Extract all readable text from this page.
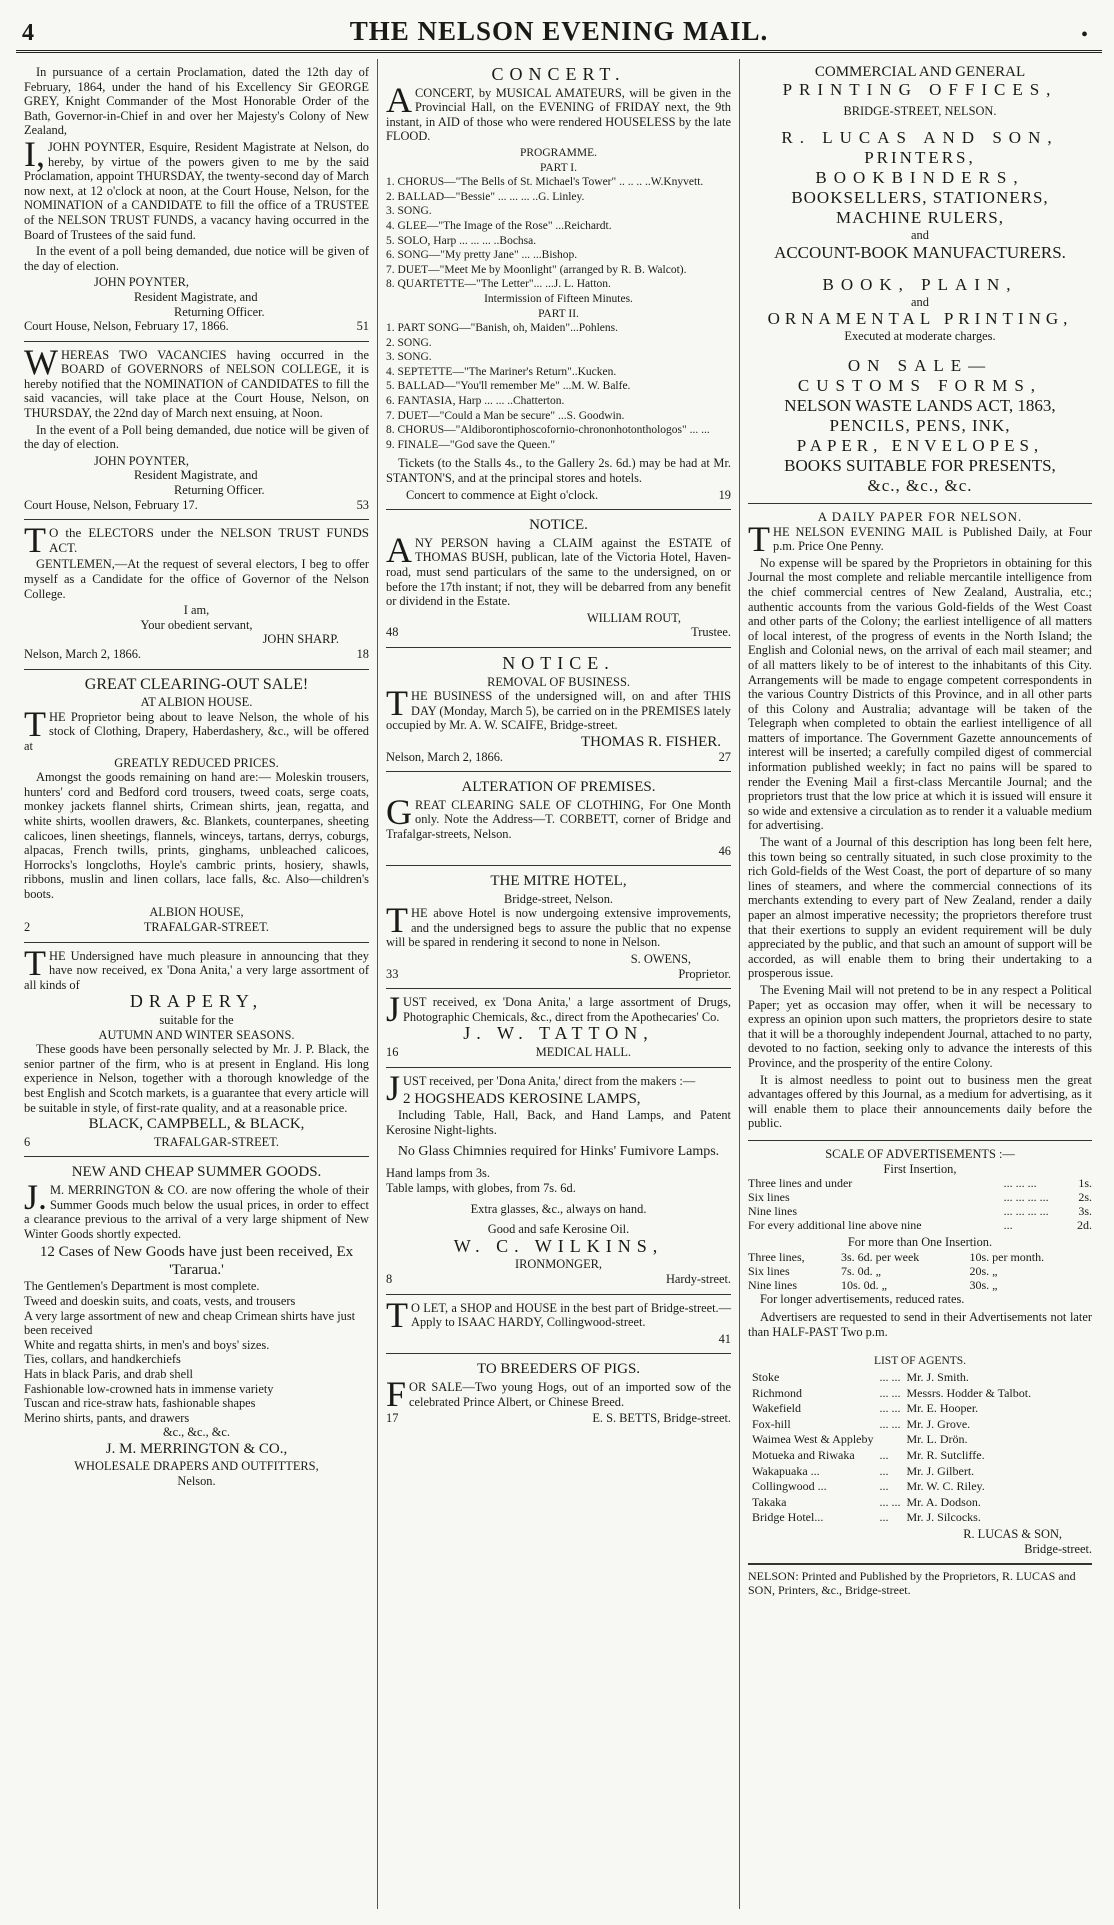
4	THE NELSON EVENING MAIL.	•

In pursuance of a certain Proclamation, dated the 12th day of February, 1864, under the hand of his Excellency Sir GEORGE GREY, Knight Commander of the Most Honorable Order of the Bath, Governor-in-Chief in and over her Majesty's Colony of New Zealand,

I,JOHN POYNTER, Esquire, Resident Magistrate at Nelson, do hereby, by virtue of the powers given to me by the said Proclamation, appoint THURSDAY, the twenty-second day of March now next, at 12 o'clock at noon, at the Court House, Nelson, for the NOMINATION of a CANDIDATE to fill the office of a TRUSTEE of the NELSON TRUST FUNDS, a vacancy having occurred in the Board of Trustees of the said fund.

In the event of a poll being demanded, due notice will be given of the day of election.

JOHN POYNTER,
Resident Magistrate, and
Returning Officer.
Court House, Nelson, February 17, 1866.	51

WHEREAS TWO VACANCIES having occurred in the BOARD of GOVERNORS of NELSON COLLEGE, it is hereby notified that the NOMINATION of CANDIDATES to fill the said vacancies, will take place at the Court House, Nelson, on THURSDAY, the 22nd day of March next ensuing, at Noon.

In the event of a Poll being demanded, due notice will be given of the day of election.

JOHN POYNTER,
Resident Magistrate, and
Returning Officer.
Court House, Nelson, February 17.	53

TO the ELECTORS under the NELSON TRUST FUNDS ACT.

GENTLEMEN,—At the request of several electors, I beg to offer myself as a Candidate for the office of Governor of the Nelson College.

I am,
Your obedient servant,
JOHN SHARP.
Nelson, March 2, 1866.	18
GREAT CLEARING-OUT SALE!
AT ALBION HOUSE.

THE Proprietor being about to leave Nelson, the whole of his stock of Clothing, Drapery, Haberdashery, &c., will be offered at

GREATLY REDUCED PRICES.

Amongst the goods remaining on hand are:— Moleskin trousers, hunters' cord and Bedford cord trousers, tweed coats, serge coats, monkey jackets flannel shirts, Crimean shirts, jean, regatta, and white shirts, woollen drawers, &c. Blankets, counterpanes, sheeting calicoes, linen sheetings, flannels, winceys, tartans, derrys, coburgs, alpacas, French twills, prints, ginghams, unbleached calicoes, Horrocks's longcloths, Hoyle's cambric prints, hosiery, shawls, ribbons, muslin and linen collars, lace falls, &c. Also—children's boots.

ALBION HOUSE,
2	TRAFALGAR-STREET.

THE Undersigned have much pleasure in announcing that they have now received, ex 'Dona Anita,' a very large assortment of all kinds of

DRAPERY,
suitable for the
AUTUMN AND WINTER SEASONS.

These goods have been personally selected by Mr. J. P. Black, the senior partner of the firm, who is at present in England. His long experience in Nelson, together with a thorough knowledge of the best English and Scotch markets, is a guarantee that every article will be suitable in style, of first-rate quality, and at a reasonable price.

BLACK, CAMPBELL, & BLACK,
6	TRAFALGAR-STREET.
NEW AND CHEAP SUMMER GOODS.

J.M. MERRINGTON & CO. are now offering the whole of their Summer Goods much below the usual prices, in order to effect a clearance previous to the arrival of a very large shipment of New Winter Goods shortly expected.

12 Cases of New Goods have just been received, Ex 'Tararua.'
The Gentlemen's Department is most complete.
Tweed and doeskin suits, and coats, vests, and trousers
A very large assortment of new and cheap Crimean shirts have just been received
White and regatta shirts, in men's and boys' sizes.
Ties, collars, and handkerchiefs
Hats in black Paris, and drab shell
Fashionable low-crowned hats in immense variety
Tuscan and rice-straw hats, fashionable shapes
Merino shirts, pants, and drawers
&c., &c., &c.
J. M. MERRINGTON & CO.,
WHOLESALE DRAPERS AND OUTFITTERS,
Nelson.
CONCERT.

ACONCERT, by MUSICAL AMATEURS, will be given in the Provincial Hall, on the EVENING of FRIDAY next, the 9th instant, in AID of those who were rendered HOUSELESS by the late FLOOD.

PROGRAMME.
PART I.
1. CHORUS—"The Bells of St. Michael's Tower" .. .. .. ..W.Knyvett.
2. BALLAD—"Bessie" ... ... ... ..G. Linley.
3. SONG.
4. GLEE—"The Image of the Rose" ...Reichardt.
5. SOLO, Harp ... ... ... ..Bochsa.
6. SONG—"My pretty Jane" ... ...Bishop.
7. DUET—"Meet Me by Moonlight" (arranged by R. B. Walcot).
8. QUARTETTE—"The Letter"... ...J. L. Hatton.
Intermission of Fifteen Minutes.
PART II.
1. PART SONG—"Banish, oh, Maiden"...Pohlens.
2. SONG.
3. SONG.
4. SEPTETTE—"The Mariner's Return"..Kucken.
5. BALLAD—"You'll remember Me" ...M. W. Balfe.
6. FANTASIA, Harp ... ... ..Chatterton.
7. DUET—"Could a Man be secure" ...S. Goodwin.
8. CHORUS—"Aldiborontiphoscofornio-chrononhotonthologos" ... ...
9. FINALE—"God save the Queen."

Tickets (to the Stalls 4s., to the Gallery 2s. 6d.) may be had at Mr. STANTON'S, and at the principal stores and hotels.

Concert to commence at Eight o'clock.	19
NOTICE.

ANY PERSON having a CLAIM against the ESTATE of THOMAS BUSH, publican, late of the Victoria Hotel, Haven-road, must send particulars of the same to the undersigned, on or before the 17th instant; if not, they will be debarred from any benefit or dividend in the Estate.

WILLIAM ROUT,
48	Trustee.
NOTICE.
REMOVAL OF BUSINESS.

THE BUSINESS of the undersigned will, on and after THIS DAY (Monday, March 5), be carried on in the PREMISES lately occupied by Mr. A. W. SCAIFE, Bridge-street.

THOMAS R. FISHER.
Nelson, March 2, 1866.	27
ALTERATION OF PREMISES.

GREAT CLEARING SALE OF CLOTHING, For One Month only. Note the Address—T. CORBETT, corner of Bridge and Trafalgar-streets, Nelson.

46
THE MITRE HOTEL,
Bridge-street, Nelson.

THE above Hotel is now undergoing extensive improvements, and the undersigned begs to assure the public that no expense will be spared in rendering it second to none in Nelson.

S. OWENS,
33	Proprietor.

JUST received, ex 'Dona Anita,' a large assortment of Drugs, Photographic Chemicals, &c., direct from the Apothecaries' Co.

J. W. TATTON,
16	MEDICAL HALL.

JUST received, per 'Dona Anita,' direct from the makers :—

2 HOGSHEADS KEROSINE LAMPS,

Including Table, Hall, Back, and Hand Lamps, and Patent Kerosine Night-lights.

No Glass Chimnies required for Hinks' Fumivore Lamps.

Hand lamps from 3s.
Table lamps, with globes, from 7s. 6d.
Extra glasses, &c., always on hand.
Good and safe Kerosine Oil.
W. C. WILKINS,
IRONMONGER,
8	Hardy-street.

TO LET, a SHOP and HOUSE in the best part of Bridge-street.—Apply to ISAAC HARDY, Collingwood-street.

41
TO BREEDERS OF PIGS.

FOR SALE—Two young Hogs, out of an imported sow of the celebrated Prince Albert, or Chinese Breed.

17	E. S. BETTS, Bridge-street.
COMMERCIAL AND GENERAL
PRINTING OFFICES,
BRIDGE-STREET, NELSON.
R. LUCAS AND SON,
PRINTERS,
BOOKBINDERS,
BOOKSELLERS, STATIONERS,
MACHINE RULERS,
and
ACCOUNT-BOOK MANUFACTURERS.
BOOK, PLAIN,
and
ORNAMENTAL PRINTING,
Executed at moderate charges.
ON SALE—
CUSTOMS FORMS,
NELSON WASTE LANDS ACT, 1863,
PENCILS, PENS, INK,
PAPER, ENVELOPES,
BOOKS SUITABLE FOR PRESENTS,
&c., &c., &c.
A DAILY PAPER FOR NELSON.

THE NELSON EVENING MAIL is Published Daily, at Four p.m. Price One Penny.

No expense will be spared by the Proprietors in obtaining for this Journal the most complete and reliable mercantile intelligence from the chief commercial centres of New Zealand, Australia, etc.; authentic accounts from the various Gold-fields of the West Coast and other parts of the Colony; the earliest intelligence of all matters of local interest, of the progress of events in the North Island; the English and Colonial news, on the arrival of each mail steamer; and of all matters likely to be of interest to the inhabitants of this City. Arrangements will be made to engage competent correspondents in the various Country Districts of this Province, and in all other parts of this Colony and Australia; advantage will be taken of the Telegraph when completed to obtain the earliest intelligence of all matters of importance. The Government Gazette announcements of interest will be inserted; a carefully compiled digest of commercial information published weekly; in fact no pains will be spared to render the Evening Mail a first-class Mercantile Journal; and the proprietors trust that the low price at which it is issued will ensure it so wide and extensive a circulation as to render it a valuable medium for advertising.

The want of a Journal of this description has long been felt here, this town being so centrally situated, in such close proximity to the rich Gold-fields of the West Coast, the port of departure of so many lines of steamers, and where the commercial connections of its merchants extending to every part of New Zealand, render a daily paper an almost imperative necessity; the proprietors therefore trust that their exertions to supply an evident requirement will be duly appreciated by the public, and that such an amount of support will be accorded, as will enable them to bring their undertaking to a prosperous issue.

The Evening Mail will not pretend to be in any respect a Political Paper; yet as occasion may offer, when it will be necessary to express an opinion upon such matters, the proprietors desire to state that it will be a thoroughly independent Journal, attached to no party, devoted to no faction, seeking only to advance the interests of this Province, and the prosperity of the entire Colony.

It is almost needless to point out to business men the great advantages offered by this Journal, as a medium for advertising, as it will enable them to place their announcements daily before the public.

SCALE OF ADVERTISEMENTS :—
First Insertion,
Three lines and under	... ... ...	1s.
Six lines	... ... ... ...	2s.
Nine lines	... ... ... ...	3s.
For every additional line above nine	...	2d.
For more than One Insertion.
Three lines,	3s. 6d. per week	10s. per month.
Six lines	7s. 0d. „	20s. „
Nine lines	10s. 0d. „	30s. „
For longer advertisements, reduced rates.

Advertisers are requested to send in their Advertisements not later than HALF-PAST Two p.m.

LIST OF AGENTS.
Stoke	... ...	Mr. J. Smith.
Richmond	... ...	Messrs. Hodder & Talbot.
Wakefield	... ...	Mr. E. Hooper.
Fox-hill	... ...	Mr. J. Grove.
Waimea West & Appleby		Mr. L. Drön.
Motueka and Riwaka	...	Mr. R. Sutcliffe.
Wakapuaka ...	...	Mr. J. Gilbert.
Collingwood ...	...	Mr. W. C. Riley.
Takaka	... ...	Mr. A. Dodson.
Bridge Hotel...	...	Mr. J. Silcocks.
R. LUCAS & SON,
Bridge-street.
NELSON: Printed and Published by the Proprietors, R. LUCAS and SON, Printers, &c., Bridge-street.
